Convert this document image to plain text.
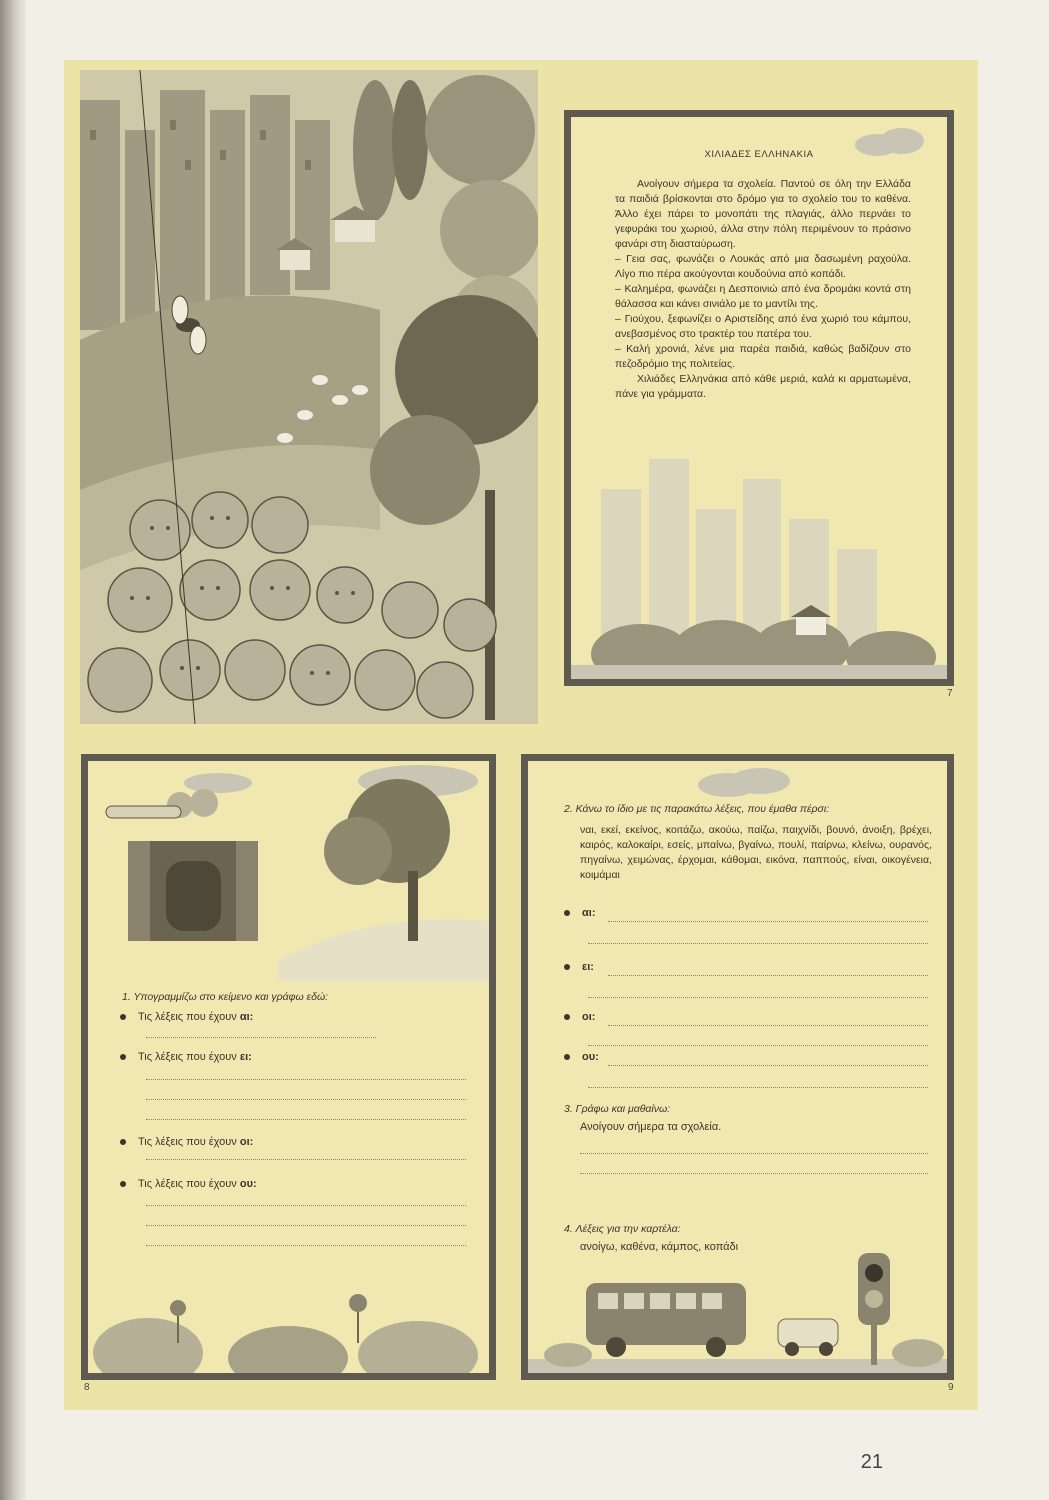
ΧΙΛΙΑΔΕΣ ΕΛΛΗΝΑΚΙΑ

Ανοίγουν σήμερα τα σχολεία. Παντού σε όλη την Ελλάδα τα παιδιά βρίσκονται στο δρόμο για το σχολείο του το καθένα. Άλλο έχει πάρει το μονοπάτι της πλαγιάς, άλλο περνάει το γεφυράκι του χωριού, άλλα στην πόλη περιμένουν το πράσινο φανάρι στη διασταύρωση.

– Γεια σας, φωνάζει ο Λουκάς από μια δασωμένη ραχούλα. Λίγο πιο πέρα ακούγονται κουδούνια από κοπάδι.

– Καλημέρα, φωνάζει η Δεσποινιώ από ένα δρομάκι κοντά στη θάλασσα και κάνει σινιάλο με το μαντίλι της.

– Γιούχου, ξεφωνίζει ο Αριστείδης από ένα χωριό του κάμπου, ανεβασμένος στο τρακτέρ του πατέρα του.

– Καλή χρονιά, λένε μια παρέα παιδιά, καθώς βαδίζουν στο πεζοδρόμιο της πολιτείας.

Χιλιάδες Ελληνάκια από κάθε μεριά, καλά κι αρματωμένα, πάνε για γράμματα.

7
1. Υπογραμμίζω στο κείμενο και γράφω εδώ:
Τις λέξεις που έχουν
αι:
Τις λέξεις που έχουν
ει:
Τις λέξεις που έχουν
οι:
Τις λέξεις που έχουν
ου:
8
2. Κάνω το ίδιο με τις παρακάτω λέξεις, που έμαθα πέρσι:
ναι, εκεί, εκείνος, κοιτάζω, ακούω, παίζω, παιχνίδι, βουνό, άνοιξη, βρέχει, καιρός, καλοκαίρι, εσείς, μπαίνω, βγαίνω, πουλί, παίρνω, κλείνω, ουρανός, πηγαίνω, χειμώνας, έρχομαι, κάθομαι, εικόνα, παππούς, είναι, οικογένεια, κοιμάμαι
αι:
ει:
οι:
ου:
3. Γράφω και μαθαίνω:
Ανοίγουν σήμερα τα σχολεία.
4. Λέξεις για την καρτέλα:
ανοίγω, καθένα, κάμπος, κοπάδι
9
21
